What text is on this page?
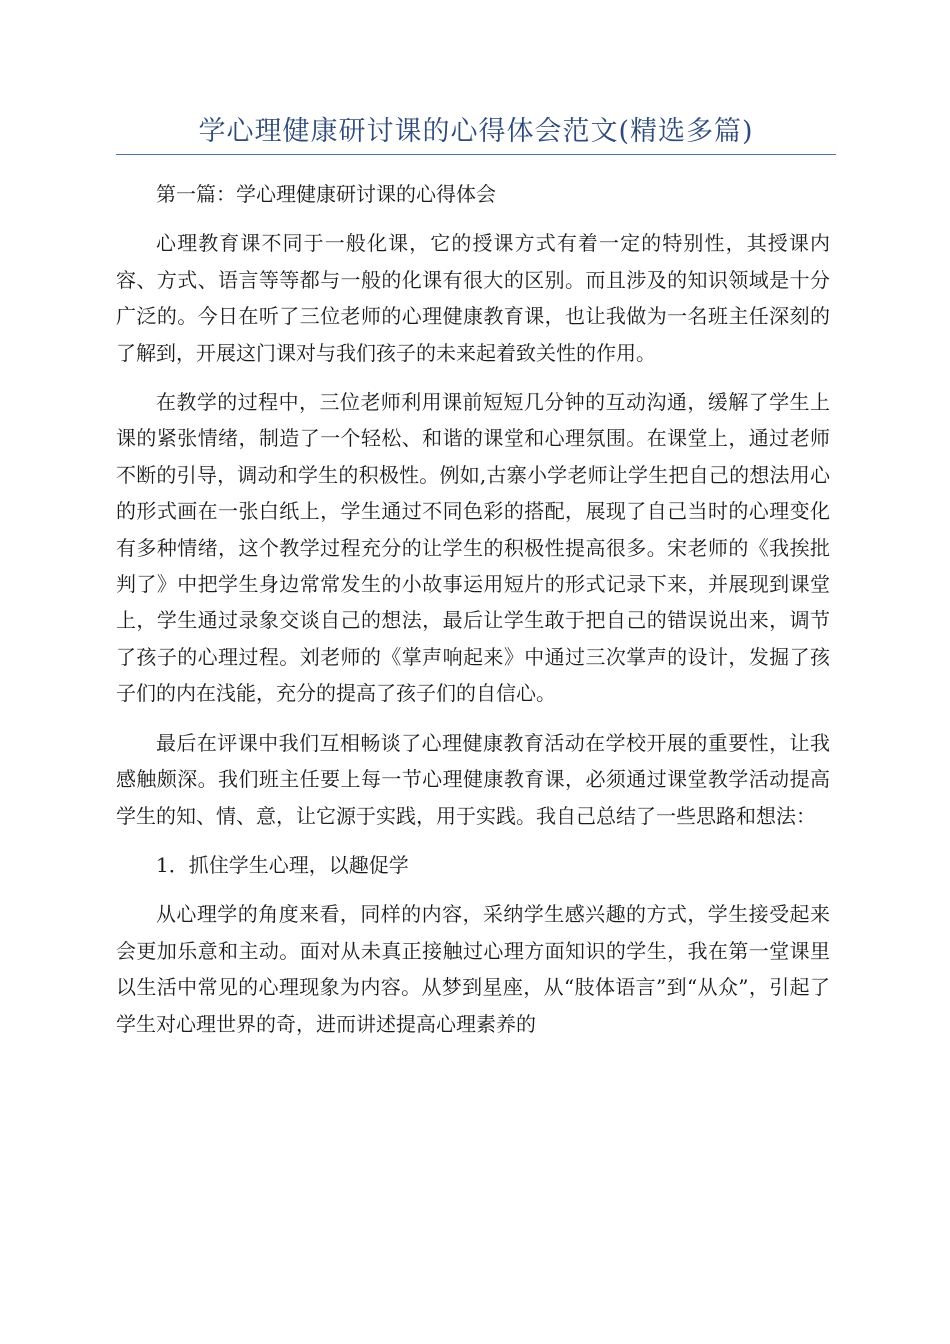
学心理健康研讨课的心得体会范文(精选多篇)

第一篇：学心理健康研讨课的心得体会

心理教育课不同于一般化课，它的授课方式有着一定的特别性，其授课内容、方式、语言等等都与一般的化课有很大的区别。而且涉及的知识领域是十分广泛的。今日在听了三位老师的心理健康教育课，也让我做为一名班主任深刻的了解到，开展这门课对与我们孩子的未来起着致关性的作用。

在教学的过程中，三位老师利用课前短短几分钟的互动沟通，缓解了学生上课的紧张情绪，制造了一个轻松、和谐的课堂和心理氛围。在课堂上，通过老师不断的引导，调动和学生的积极性。例如,古寨小学老师让学生把自己的想法用心的形式画在一张白纸上，学生通过不同色彩的搭配，展现了自己当时的心理变化有多种情绪，这个教学过程充分的让学生的积极性提高很多。宋老师的《我挨批判了》中把学生身边常常发生的小故事运用短片的形式记录下来，并展现到课堂上，学生通过录象交谈自己的想法，最后让学生敢于把自己的错误说出来，调节了孩子的心理过程。刘老师的《掌声响起来》中通过三次掌声的设计，发掘了孩子们的内在浅能，充分的提高了孩子们的自信心。

最后在评课中我们互相畅谈了心理健康教育活动在学校开展的重要性，让我感触颇深。我们班主任要上每一节心理健康教育课，必须通过课堂教学活动提高学生的知、情、意，让它源于实践，用于实践。我自己总结了一些思路和想法：

1．抓住学生心理，以趣促学

从心理学的角度来看，同样的内容，采纳学生感兴趣的方式，学生接受起来会更加乐意和主动。面对从未真正接触过心理方面知识的学生，我在第一堂课里以生活中常见的心理现象为内容。从梦到星座，从“肢体语言”到“从众”，引起了学生对心理世界的奇，进而讲述提高心理素养的
